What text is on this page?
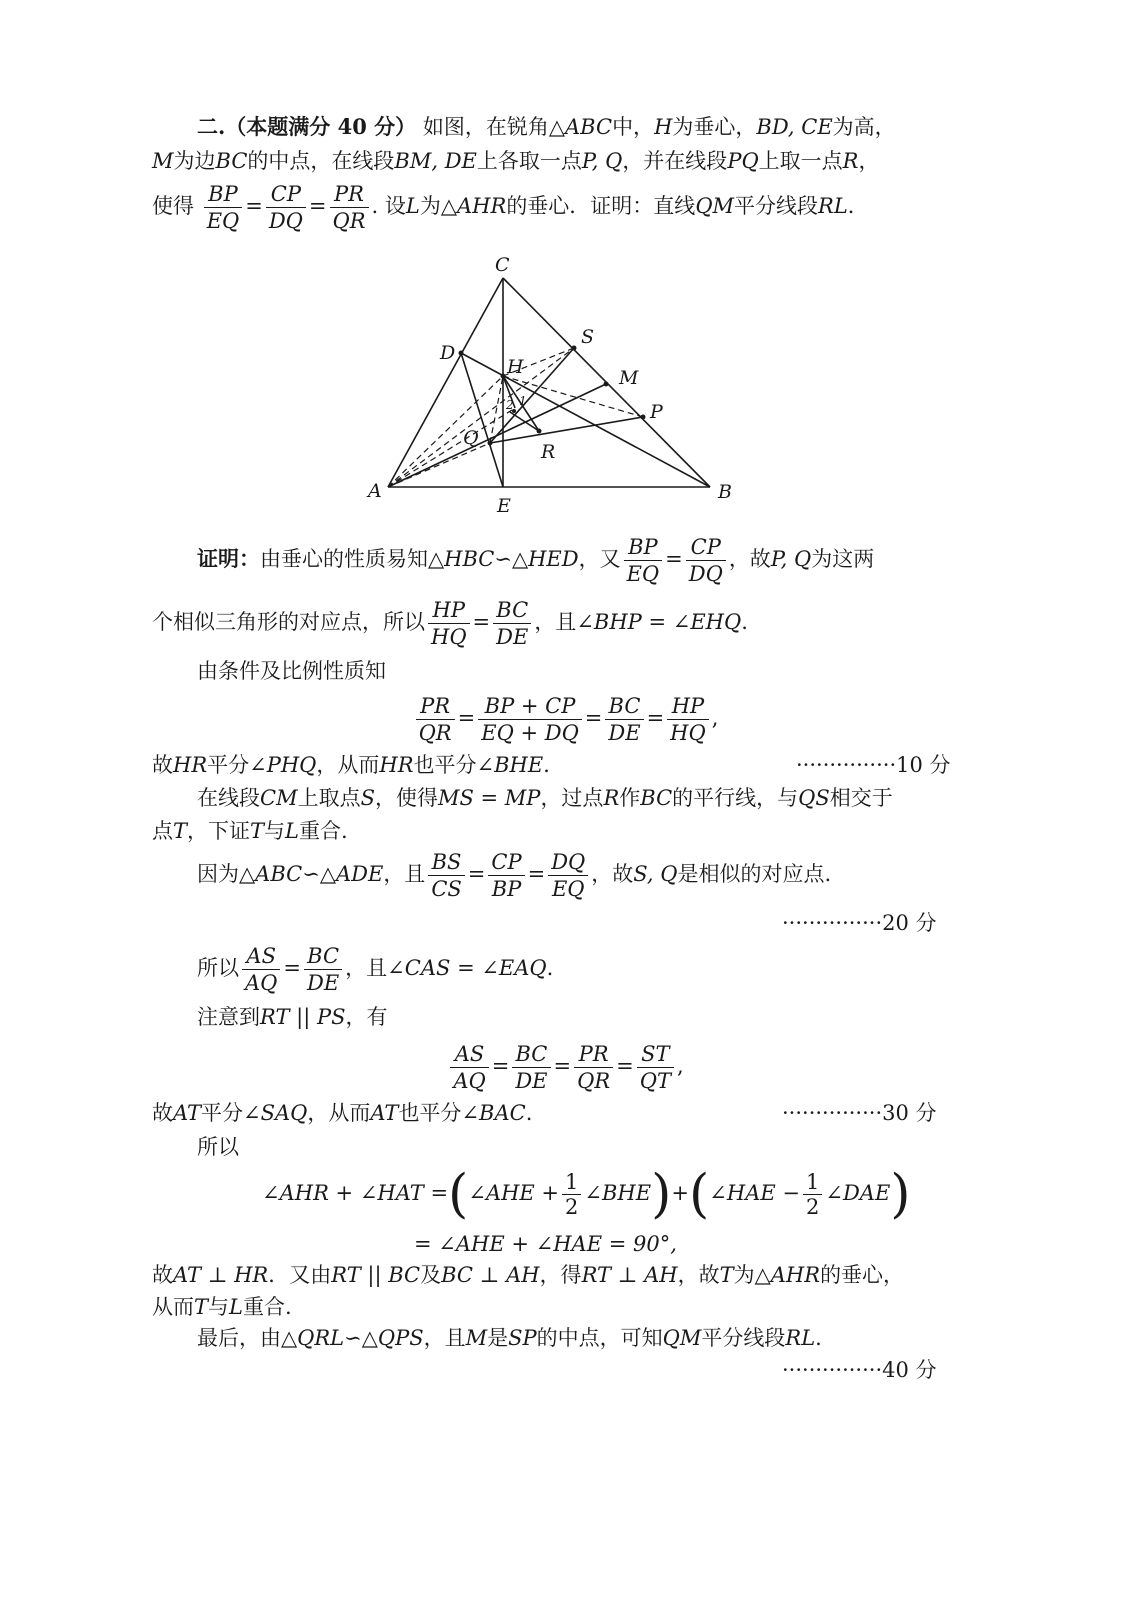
二.（本题满分 40 分） 如图，在锐角△ABC中，H为垂心，BD, CE为高，
M为边BC的中点，在线段BM, DE上各取一点P, Q，并在线段PQ上取一点R，
使得 $\frac{BP}{EQ} = \frac{CP}{DQ} = \frac{PR}{QR}$ . 设L为△AHR的垂心．证明：直线QM平分线段RL．
C
S
D
H	M
P
Q
R
A
E
B
2 1
证明：由垂心的性质易知△HBC∽△HED，又 $\frac{BP}{EQ} = \frac{CP}{DQ}$ ，故P, Q为这两
个相似三角形的对应点，所以 $\frac{HP}{HQ} = \frac{BC}{DE}$ ，且∠BHP = ∠EHQ.
由条件及比例性质知
$\frac{PR}{QR} = \frac{BP + CP}{EQ + DQ} = \frac{BC}{DE} = \frac{HP}{HQ}$ ,
故HR平分∠PHQ，从而HR也平分∠BHE．	···············10 分
在线段CM上取点S，使得MS = MP，过点R作BC的平行线，与QS相交于
点T，下证T与L重合.
因为△ABC∽△ADE，且 $\frac{BS}{CS} = \frac{CP}{BP} = \frac{DQ}{EQ}$ ，故S, Q是相似的对应点.
···············20 分
所以 $\frac{AS}{AQ} = \frac{BC}{DE}$ ，且∠CAS = ∠EAQ.
注意到RT || PS，有
$\frac{AS}{AQ} = \frac{BC}{DE} = \frac{PR}{QR} = \frac{ST}{QT}$ ,
故AT平分∠SAQ，从而AT也平分∠BAC.	···············30 分
所以
∠AHR + ∠HAT =(∠AHE + $\frac{1}{2}$ ∠BHE)+(∠HAE − $\frac{1}{2}$ ∠DAE)
= ∠AHE + ∠HAE = 90°,
故AT ⊥ HR．又由RT || BC及BC ⊥ AH，得RT ⊥ AH，故T为△AHR的垂心，
从而T与L重合.
最后，由△QRL∽△QPS，且M是SP的中点，可知QM平分线段RL.
···············40 分
